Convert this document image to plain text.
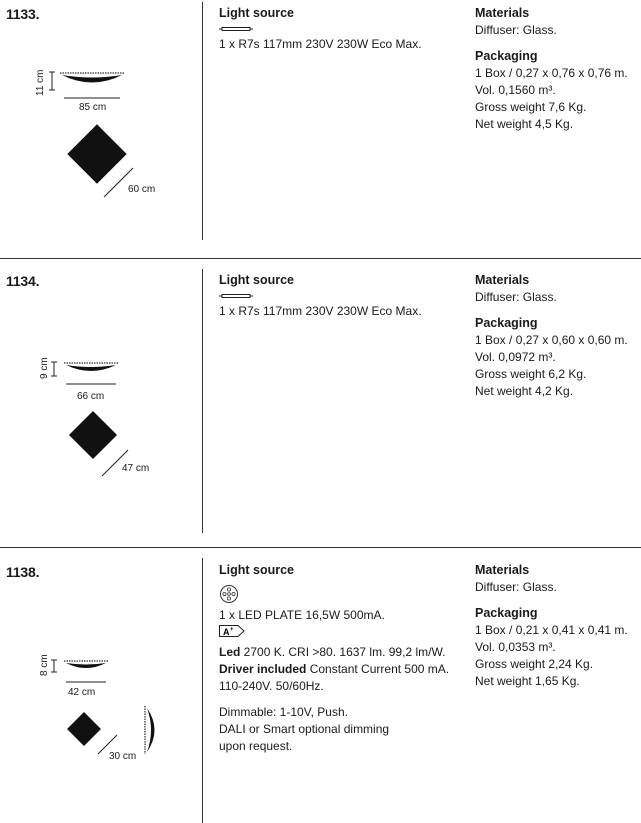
1133.
11 cm
85 cm
60 cm
Light source
1 x R7s 117mm 230V 230W Eco Max.
Materials
Diffuser: Glass.
Packaging
1 Box / 0,27 x 0,76 x 0,76 m.
Vol. 0,1560 m³.
Gross weight 7,6 Kg.
Net weight 4,5 Kg.
1134.
9 cm
66 cm
47 cm
Light source
1 x R7s 117mm 230V 230W Eco Max.
Materials
Diffuser: Glass.
Packaging
1 Box / 0,27 x 0,60 x 0,60 m.
Vol. 0,0972 m³.
Gross weight 6,2 Kg.
Net weight 4,2 Kg.
1138.
8 cm
42 cm
30 cm
Light source
1 x LED PLATE 16,5W 500mA.
A +
Led 2700 K. CRI >80. 1637 lm. 99,2 lm/W.
Driver included Constant Current 500 mA.
110-240V. 50/60Hz.
Dimmable: 1-10V, Push.
DALI or Smart optional dimming
upon request.
Materials
Diffuser: Glass.
Packaging
1 Box / 0,21 x 0,41 x 0,41 m.
Vol. 0,0353 m³.
Gross weight 2,24 Kg.
Net weight 1,65 Kg.
